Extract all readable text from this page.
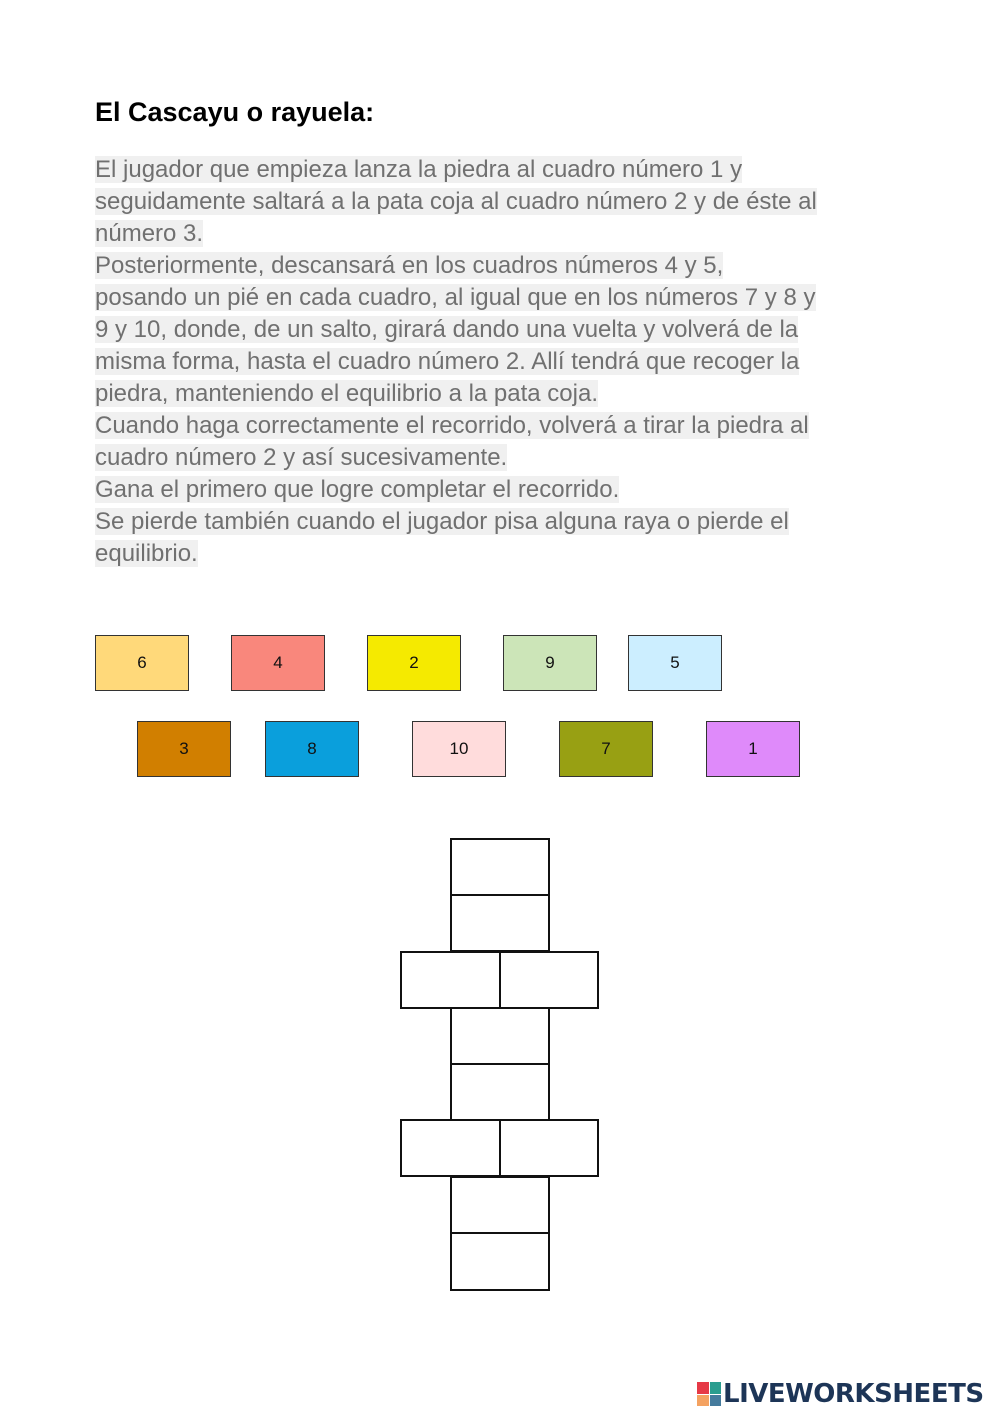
El Cascayu o rayuela:
El jugador que empieza lanza la piedra al cuadro número 1 y
seguidamente saltará a la pata coja al cuadro número 2 y de éste al
número 3.
Posteriormente, descansará en los cuadros números 4 y 5,
posando un pié en cada cuadro, al igual que en los números 7 y 8 y
9 y 10, donde, de un salto, girará dando una vuelta y volverá de la
misma forma, hasta el cuadro número 2. Allí tendrá que recoger la
piedra, manteniendo el equilibrio a la pata coja.
Cuando haga correctamente el recorrido, volverá a tirar la piedra al
cuadro número 2 y así sucesivamente.
Gana el primero que logre completar el recorrido.
Se pierde también cuando el jugador pisa alguna raya o pierde el
equilibrio.
6	4	2	9	5
3	8	10	7	1
LIVEWORKSHEETS
